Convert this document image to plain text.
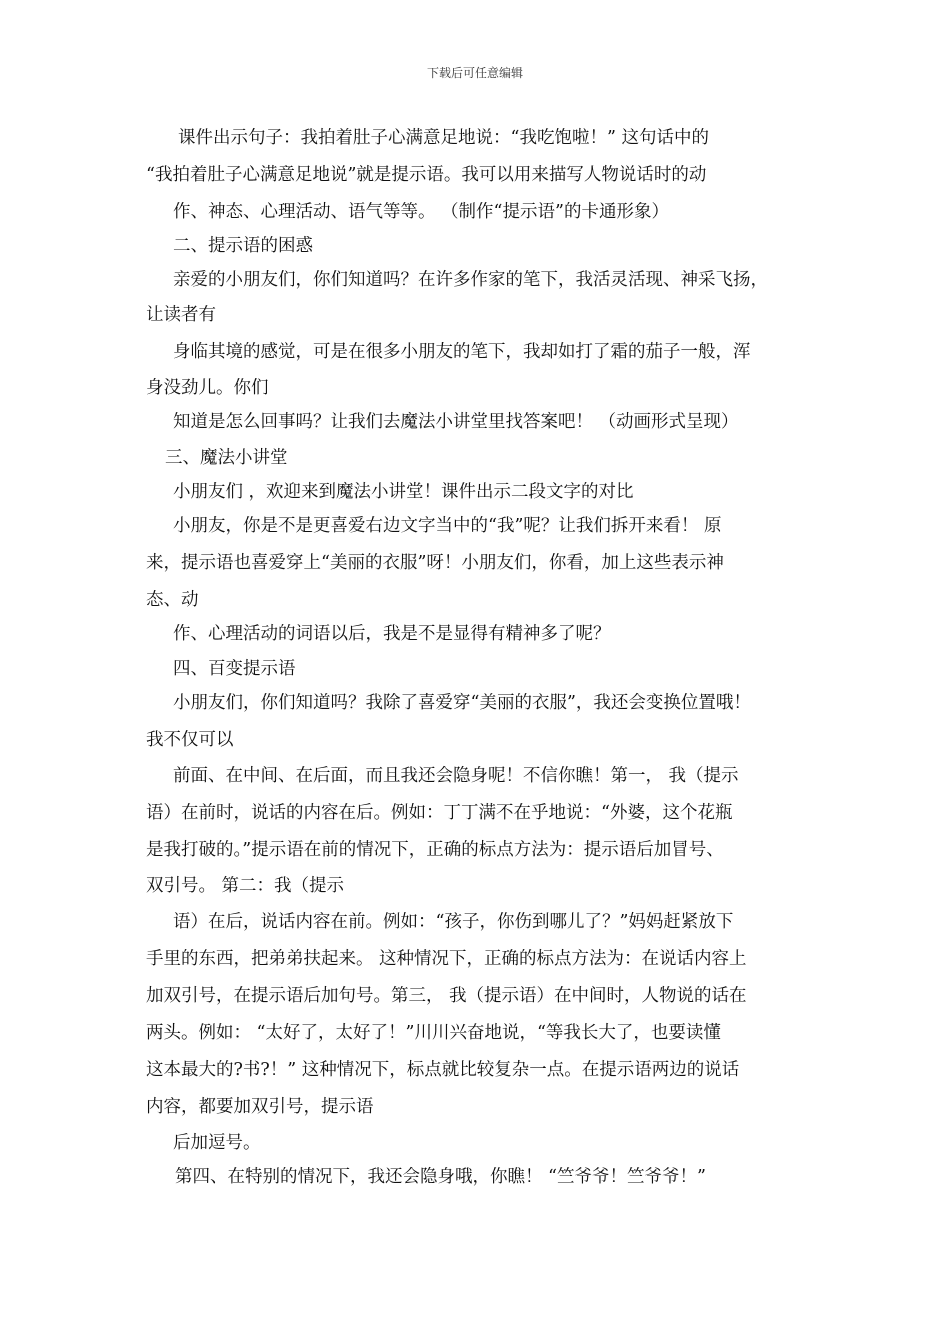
下载后可任意编辑
课件出示句子：我拍着肚子心满意足地说：“我吃饱啦！” 这句话中的
“我拍着肚子心满意足地说”就是提示语。我可以用来描写人物说话时的动
作、神态、心理活动、语气等等。 （制作“提示语”的卡通形象）
二、提示语的困惑
亲爱的小朋友们，你们知道吗？在许多作家的笔下，我活灵活现、神采飞扬，
让读者有
身临其境的感觉，可是在很多小朋友的笔下，我却如打了霜的茄子一般，浑
身没劲儿。你们
知道是怎么回事吗？让我们去魔法小讲堂里找答案吧！ （动画形式呈现）
三、魔法小讲堂
小朋友们 ，欢迎来到魔法小讲堂！课件出示二段文字的对比
小朋友，你是不是更喜爱右边文字当中的“我”呢？让我们拆开来看！ 原
来，提示语也喜爱穿上“美丽的衣服”呀！小朋友们，你看，加上这些表示神
态、动
作、心理活动的词语以后，我是不是显得有精神多了呢？
四、百变提示语
小朋友们，你们知道吗？我除了喜爱穿“美丽的衣服”，我还会变换位置哦！
我不仅可以
前面、在中间、在后面，而且我还会隐身呢！不信你瞧！第一， 我（提示
语）在前时，说话的内容在后。例如：丁丁满不在乎地说：“外婆，这个花瓶
是我打破的。”提示语在前的情况下，正确的标点方法为：提示语后加冒号、
双引号。 第二：我（提示
语）在后，说话内容在前。例如：“孩子，你伤到哪儿了？”妈妈赶紧放下
手里的东西，把弟弟扶起来。 这种情况下，正确的标点方法为：在说话内容上
加双引号，在提示语后加句号。第三， 我（提示语）在中间时，人物说的话在
两头。例如： “太好了，太好了！”川川兴奋地说，“等我长大了，也要读懂
这本最大的?书?！” 这种情况下，标点就比较复杂一点。在提示语两边的说话
内容，都要加双引号，提示语
后加逗号。
第四、在特别的情况下，我还会隐身哦，你瞧！ “竺爷爷！竺爷爷！”
